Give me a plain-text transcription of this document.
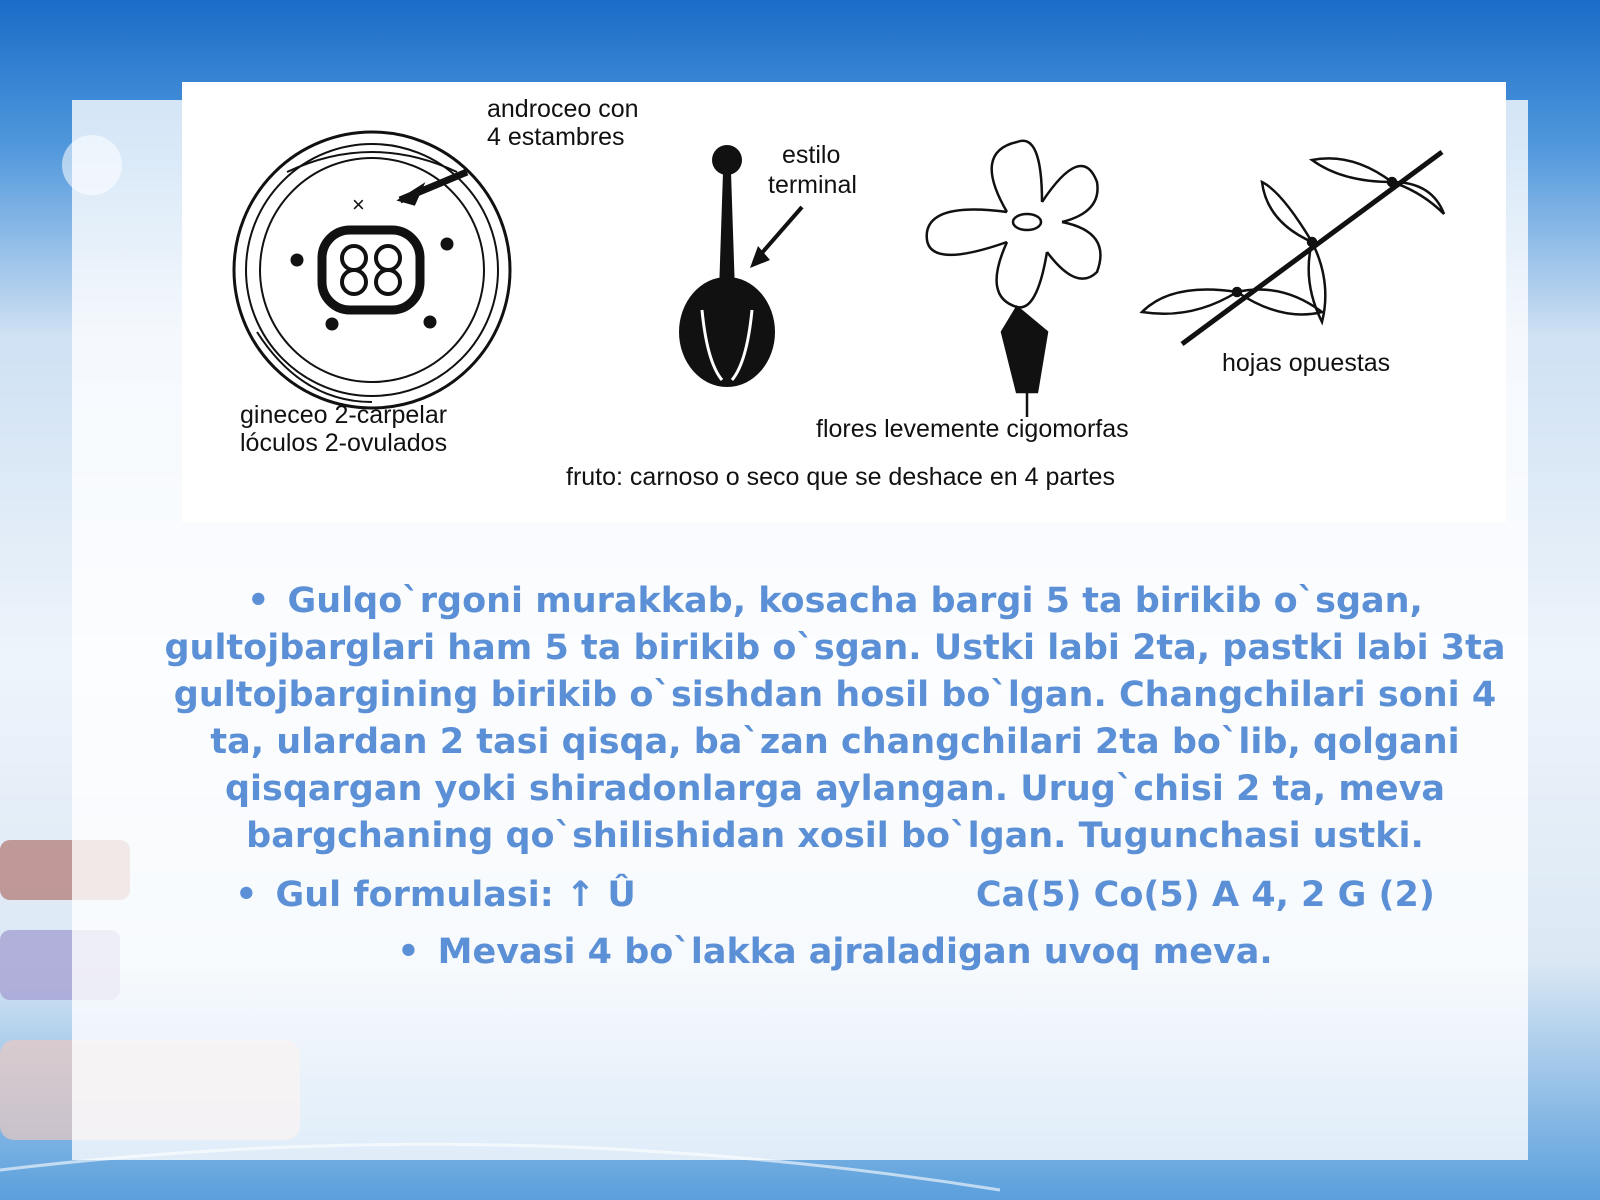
×
androceo con
4 estambres
gineceo 2-carpelar
lóculos 2-ovulados
estilo
terminal
hojas opuestas
flores levemente cigomorfas
fruto: carnoso o seco que se deshace en 4 partes

• Gulqo`rgoni murakkab, kosacha bargi 5 ta birikib o`sgan, gultojbarglari ham 5 ta birikib o`sgan. Ustki labi 2ta, pastki labi 3ta gultojbargining birikib o`sishdan hosil bo`lgan. Changchilari soni 4 ta, ulardan 2 tasi qisqa, ba`zan changchilari 2ta bo`lib, qolgani qisqargan yoki shiradonlarga aylangan. Urug`chisi 2 ta, meva bargchaning qo`shilishidan xosil bo`lgan. Tugunchasi ustki.

• Gul formulasi: ↑ Û	Ca(5) Co(5) A 4, 2 G (2)

• Mevasi 4 bo`lakka ajraladigan uvoq meva.
